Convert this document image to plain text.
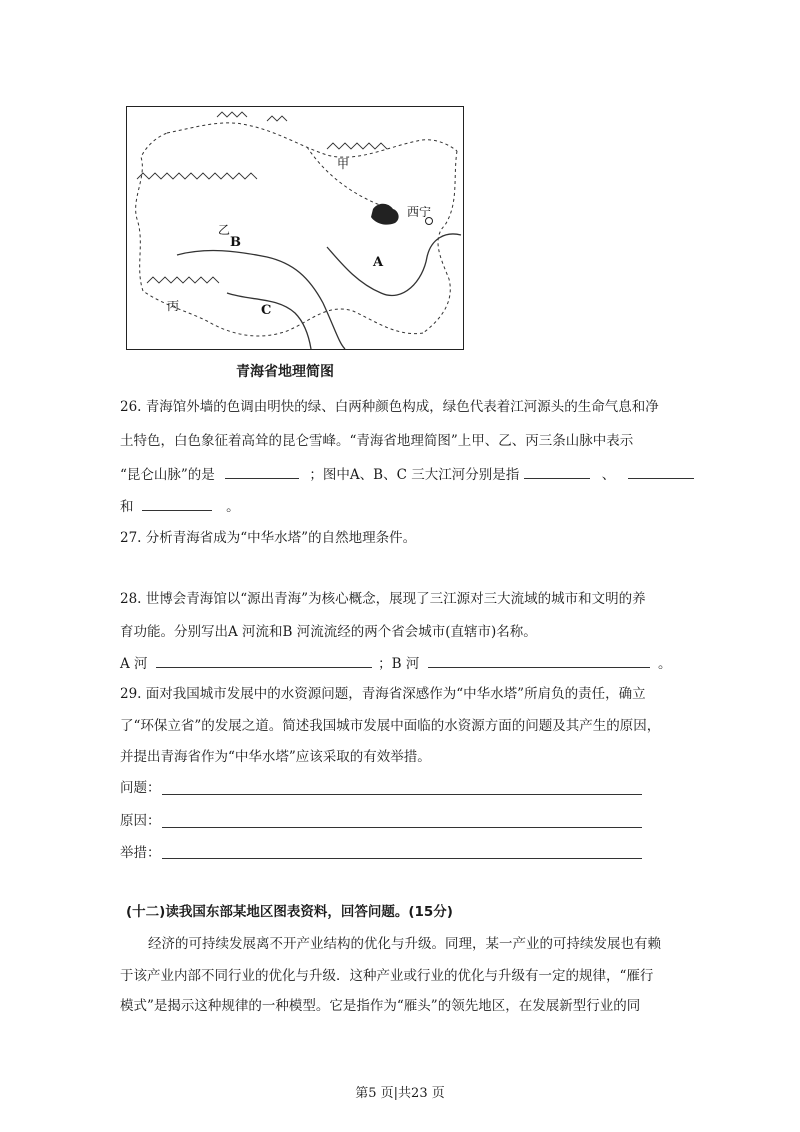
甲
乙
丙
A
B
C
西宁
青海省地理简图
26. 青海馆外墙的色调由明快的绿、白两种颜色构成，绿色代表着江河源头的生命气息和净
土特色，白色象征着高耸的昆仑雪峰。“青海省地理简图”上甲、乙、丙三条山脉中表示
“昆仑山脉”的是	；图中A、B、C 三大江河分别是指	、
和	。
27. 分析青海省成为“中华水塔”的自然地理条件。
28. 世博会青海馆以“源出青海”为核心概念，展现了三江源对三大流域的城市和文明的养
育功能。分别写出A 河流和B 河流流经的两个省会城市(直辖市)名称。
A 河	；B 河	。
29. 面对我国城市发展中的水资源问题，青海省深感作为“中华水塔”所肩负的责任，确立
了“环保立省”的发展之道。简述我国城市发展中面临的水资源方面的问题及其产生的原因，
并提出青海省作为“中华水塔”应该采取的有效举措。
问题：
原因：
举措：
(十二)读我国东部某地区图表资料，回答问题。(15分)
经济的可持续发展离不开产业结构的优化与升级。同理，某一产业的可持续发展也有赖
于该产业内部不同行业的优化与升级．这种产业或行业的优化与升级有一定的规律，“雁行
模式”是揭示这种规律的一种模型。它是指作为“雁头”的领先地区，在发展新型行业的同
第5 页|共23 页
